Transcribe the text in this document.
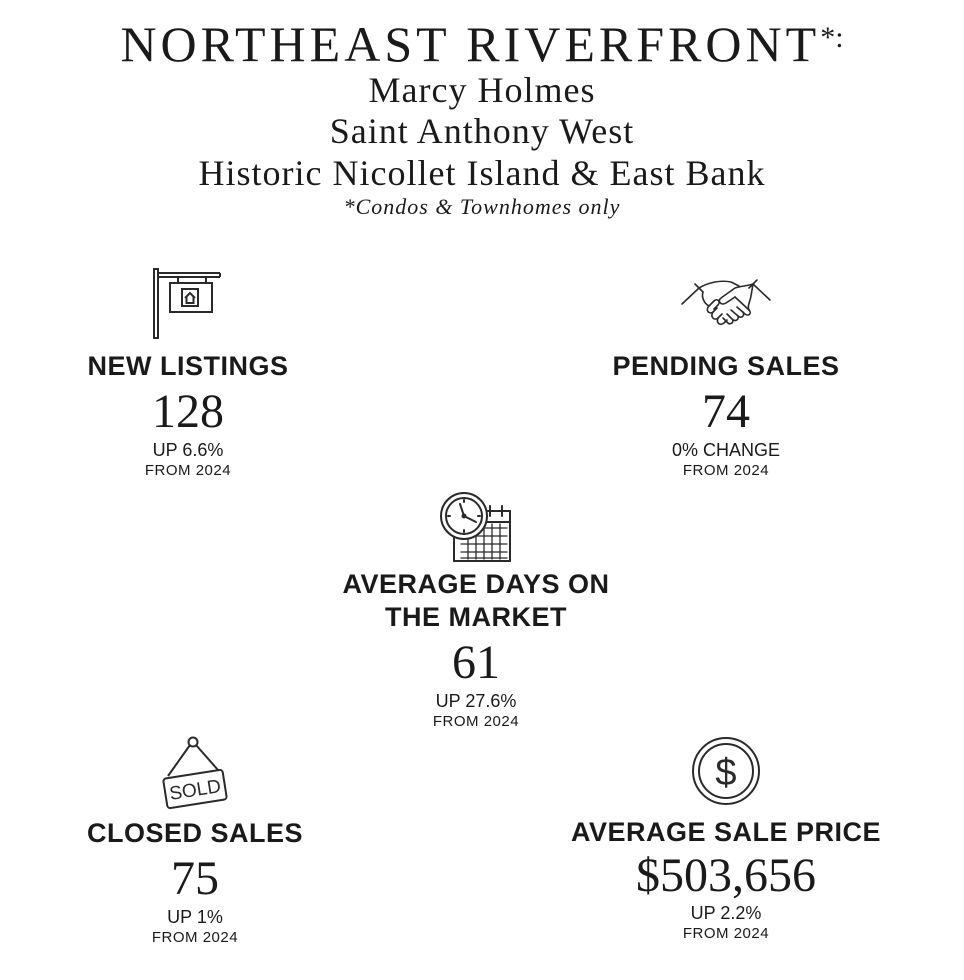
NORTHEAST RIVERFRONT*:
Marcy Holmes
Saint Anthony West
Historic Nicollet Island & East Bank
*Condos & Townhomes only
NEW LISTINGS
128
UP 6.6%
FROM 2024
PENDING SALES
74
0% CHANGE
FROM 2024
AVERAGE DAYS ON
THE MARKET
61
UP 27.6%
FROM 2024
SOLD
CLOSED SALES
75
UP 1%
FROM 2024
$
AVERAGE SALE PRICE
$503,656
UP 2.2%
FROM 2024
